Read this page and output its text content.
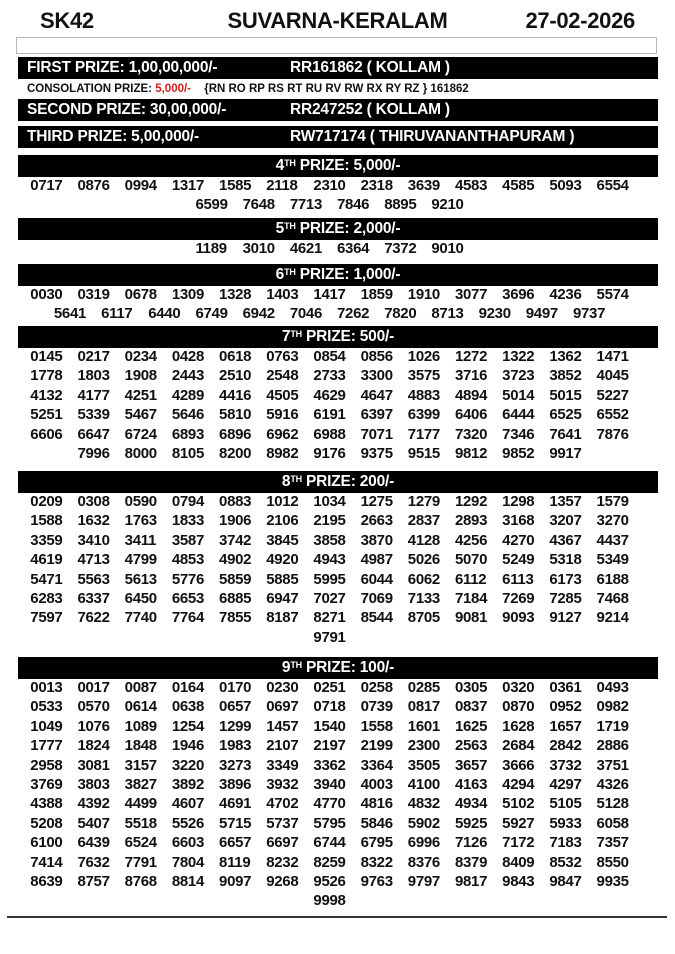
SK42	SUVARNA-KERALAM	27-02-2026
FIRST PRIZE: 1,00,00,000/-	RR161862 ( KOLLAM )
CONSOLATION PRIZE: 5,000/- {RN RO RP RS RT RU RV RW RX RY RZ } 161862
SECOND PRIZE: 30,00,000/-	RR247252 ( KOLLAM )
THIRD PRIZE: 5,00,000/-	RW717174 ( THIRUVANANTHAPURAM )
4TH PRIZE: 5,000/-
0717	0876	0994	1317	1585	2118	2310	2318	3639	4583	4585	5093	6554
6599	7648	7713	7846	8895	9210
5TH PRIZE: 2,000/-
1189	3010	4621	6364	7372	9010
6TH PRIZE: 1,000/-
0030	0319	0678	1309	1328	1403	1417	1859	1910	3077	3696	4236	5574
5641	6117	6440	6749	6942	7046	7262	7820	8713	9230	9497	9737
7TH PRIZE: 500/-
0145	0217	0234	0428	0618	0763	0854	0856	1026	1272	1322	1362	1471
1778	1803	1908	2443	2510	2548	2733	3300	3575	3716	3723	3852	4045
4132	4177	4251	4289	4416	4505	4629	4647	4883	4894	5014	5015	5227
5251	5339	5467	5646	5810	5916	6191	6397	6399	6406	6444	6525	6552
6606	6647	6724	6893	6896	6962	6988	7071	7177	7320	7346	7641	7876
7996	8000	8105	8200	8982	9176	9375	9515	9812	9852	9917
8TH PRIZE: 200/-
0209	0308	0590	0794	0883	1012	1034	1275	1279	1292	1298	1357	1579
1588	1632	1763	1833	1906	2106	2195	2663	2837	2893	3168	3207	3270
3359	3410	3411	3587	3742	3845	3858	3870	4128	4256	4270	4367	4437
4619	4713	4799	4853	4902	4920	4943	4987	5026	5070	5249	5318	5349
5471	5563	5613	5776	5859	5885	5995	6044	6062	6112	6113	6173	6188
6283	6337	6450	6653	6885	6947	7027	7069	7133	7184	7269	7285	7468
7597	7622	7740	7764	7855	8187	8271	8544	8705	9081	9093	9127	9214
9791
9TH PRIZE: 100/-
0013	0017	0087	0164	0170	0230	0251	0258	0285	0305	0320	0361	0493
0533	0570	0614	0638	0657	0697	0718	0739	0817	0837	0870	0952	0982
1049	1076	1089	1254	1299	1457	1540	1558	1601	1625	1628	1657	1719
1777	1824	1848	1946	1983	2107	2197	2199	2300	2563	2684	2842	2886
2958	3081	3157	3220	3273	3349	3362	3364	3505	3657	3666	3732	3751
3769	3803	3827	3892	3896	3932	3940	4003	4100	4163	4294	4297	4326
4388	4392	4499	4607	4691	4702	4770	4816	4832	4934	5102	5105	5128
5208	5407	5518	5526	5715	5737	5795	5846	5902	5925	5927	5933	6058
6100	6439	6524	6603	6657	6697	6744	6795	6996	7126	7172	7183	7357
7414	7632	7791	7804	8119	8232	8259	8322	8376	8379	8409	8532	8550
8639	8757	8768	8814	9097	9268	9526	9763	9797	9817	9843	9847	9935
9998
